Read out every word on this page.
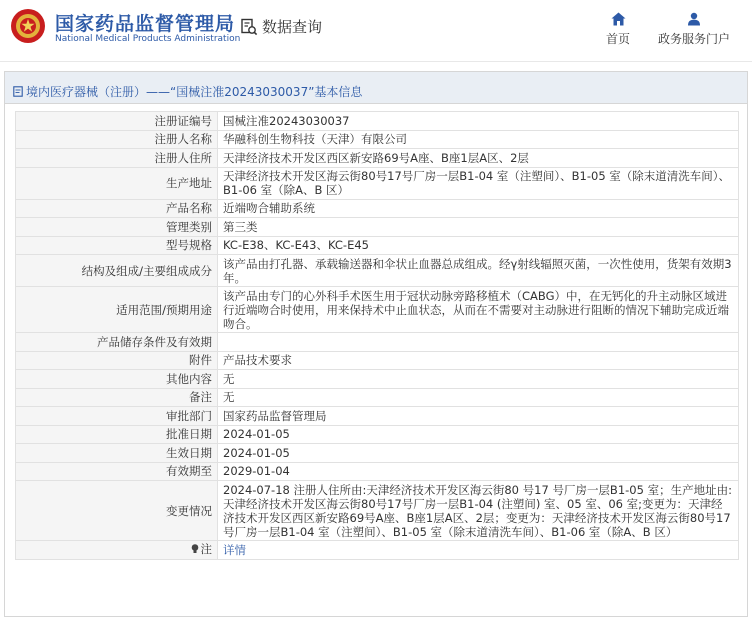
国家药品监督管理局
National Medical Products Administration
数据查询
首页	政务服务门户
境内医疗器械（注册）——“国械注准20243030037”基本信息
注册证编号	国械注准20243030037
注册人名称	华融科创生物科技（天津）有限公司
注册人住所	天津经济技术开发区西区新安路69号A座、B座1层A区、2层
生产地址	天津经济技术开发区海云街80号17号厂房一层B1-04 室（注塑间）、B1-05 室（除末道清洗车间）、B1-06 室（除A、B 区）
产品名称	近端吻合辅助系统
管理类别	第三类
型号规格	KC-E38、KC-E43、KC-E45
结构及组成/主要组成成分	该产品由打孔器、承载输送器和伞状止血器总成组成。经γ射线辐照灭菌，一次性使用，货架有效期3年。
适用范围/预期用途	该产品由专门的心外科手术医生用于冠状动脉旁路移植术（CABG）中，在无钙化的升主动脉区域进行近端吻合时使用，用来保持术中止血状态，从而在不需要对主动脉进行阻断的情况下辅助完成近端吻合。
产品储存条件及有效期	
附件	产品技术要求
其他内容	无
备注	无
审批部门	国家药品监督管理局
批准日期	2024-01-05
生效日期	2024-01-05
有效期至	2029-01-04
变更情况	2024-07-18 注册人住所由:天津经济技术开发区海云街80 号17 号厂房一层B1-05 室；生产地址由:天津经济技术开发区海云街80号17号厂房一层B1-04 (注塑间) 室、05 室、06 室;变更为：天津经济技术开发区西区新安路69号A座、B座1层A区、2层；变更为：天津经济技术开发区海云街80号17号厂房一层B1-04 室（注塑间）、B1-05 室（除末道清洗车间）、B1-06 室（除A、B 区）

注	详情
